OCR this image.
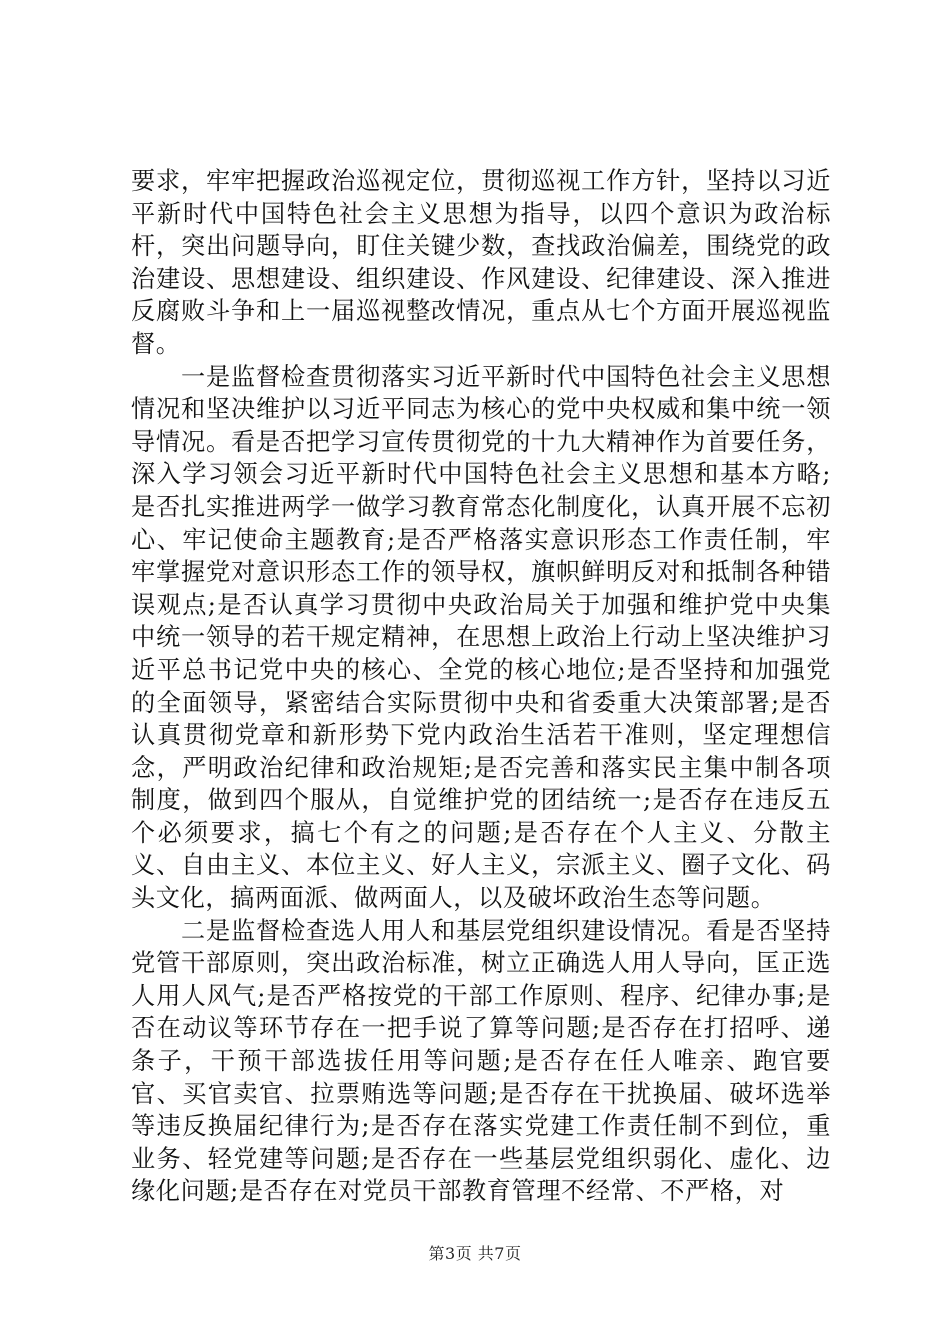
要求，牢牢把握政治巡视定位，贯彻巡视工作方针，坚持以习近平新时代中国特色社会主义思想为指导，以四个意识为政治标杆，突出问题导向，盯住关键少数，查找政治偏差，围绕党的政治建设、思想建设、组织建设、作风建设、纪律建设、深入推进反腐败斗争和上一届巡视整改情况，重点从七个方面开展巡视监督。

一是监督检查贯彻落实习近平新时代中国特色社会主义思想情况和坚决维护以习近平同志为核心的党中央权威和集中统一领导情况。看是否把学习宣传贯彻党的十九大精神作为首要任务，深入学习领会习近平新时代中国特色社会主义思想和基本方略;是否扎实推进两学一做学习教育常态化制度化，认真开展不忘初心、牢记使命主题教育;是否严格落实意识形态工作责任制，牢牢掌握党对意识形态工作的领导权，旗帜鲜明反对和抵制各种错误观点;是否认真学习贯彻中央政治局关于加强和维护党中央集中统一领导的若干规定精神，在思想上政治上行动上坚决维护习近平总书记党中央的核心、全党的核心地位;是否坚持和加强党的全面领导，紧密结合实际贯彻中央和省委重大决策部署;是否认真贯彻党章和新形势下党内政治生活若干准则，坚定理想信念，严明政治纪律和政治规矩;是否完善和落实民主集中制各项制度，做到四个服从，自觉维护党的团结统一;是否存在违反五个必须要求，搞七个有之的问题;是否存在个人主义、分散主义、自由主义、本位主义、好人主义，宗派主义、圈子文化、码头文化，搞两面派、做两面人，以及破坏政治生态等问题。

二是监督检查选人用人和基层党组织建设情况。看是否坚持党管干部原则，突出政治标准，树立正确选人用人导向，匡正选人用人风气;是否严格按党的干部工作原则、程序、纪律办事;是否在动议等环节存在一把手说了算等问题;是否存在打招呼、递条子，干预干部选拔任用等问题;是否存在任人唯亲、跑官要官、买官卖官、拉票贿选等问题;是否存在干扰换届、破坏选举等违反换届纪律行为;是否存在落实党建工作责任制不到位，重业务、轻党建等问题;是否存在一些基层党组织弱化、虚化、边缘化问题;是否存在对党员干部教育管理不经常、不严格，对

第3页 共7页
